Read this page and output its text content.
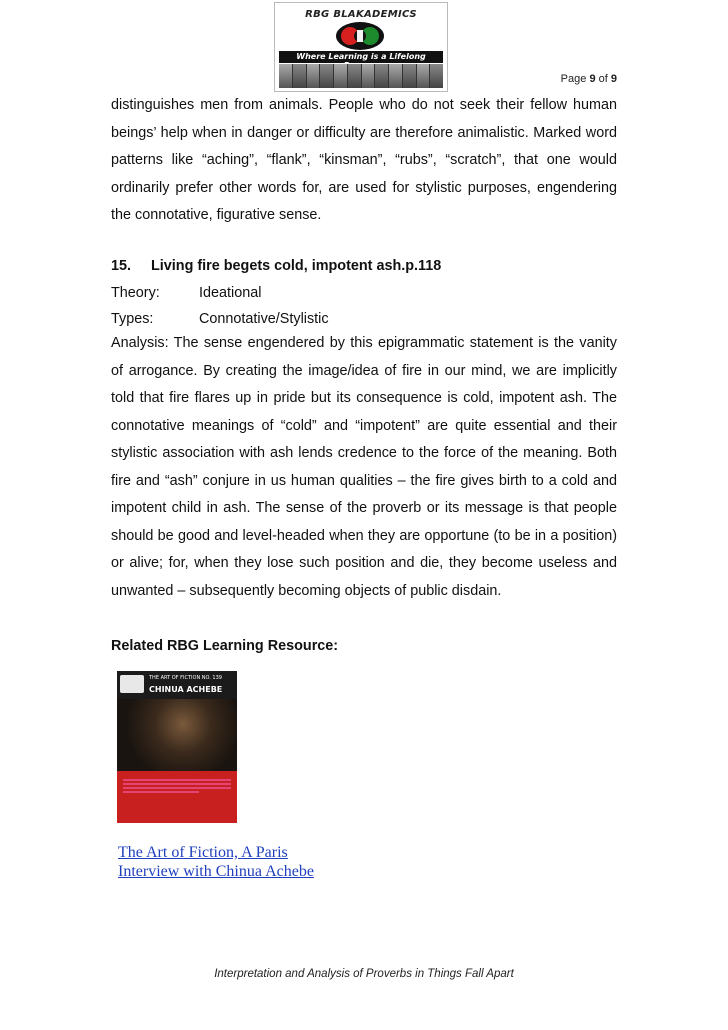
RBG BLAKADEMICS
Where Learning is a Lifelong
Page 9 of 9

distinguishes men from animals. People who do not seek their fellow human beings’ help when in danger or difficulty are therefore animalistic. Marked word patterns like “aching”, “flank”, “kinsman”, “rubs”, “scratch”, that one would ordinarily prefer other words for, are used for stylistic purposes, engendering the connotative, figurative sense.

15. Living fire begets cold, impotent ash.p.118
Theory:	Ideational
Types:	Connotative/Stylistic

Analysis: The sense engendered by this epigrammatic statement is the vanity of arrogance. By creating the image/idea of fire in our mind, we are implicitly told that fire flares up in pride but its consequence is cold, impotent ash. The connotative meanings of “cold” and “impotent” are quite essential and their stylistic association with ash lends credence to the force of the meaning. Both fire and “ash” conjure in us human qualities – the fire gives birth to a cold and impotent child in ash. The sense of the proverb or its message is that people should be good and level-headed when they are opportune (to be in a position) or alive; for, when they lose such position and die, they become useless and unwanted – subsequently becoming objects of public disdain.

Related RBG Learning Resource:
THE ART OF FICTION NO. 139
CHINUA ACHEBE
The Art of Fiction, A Paris
Interview with Chinua Achebe
Interpretation and Analysis of Proverbs in Things Fall Apart
